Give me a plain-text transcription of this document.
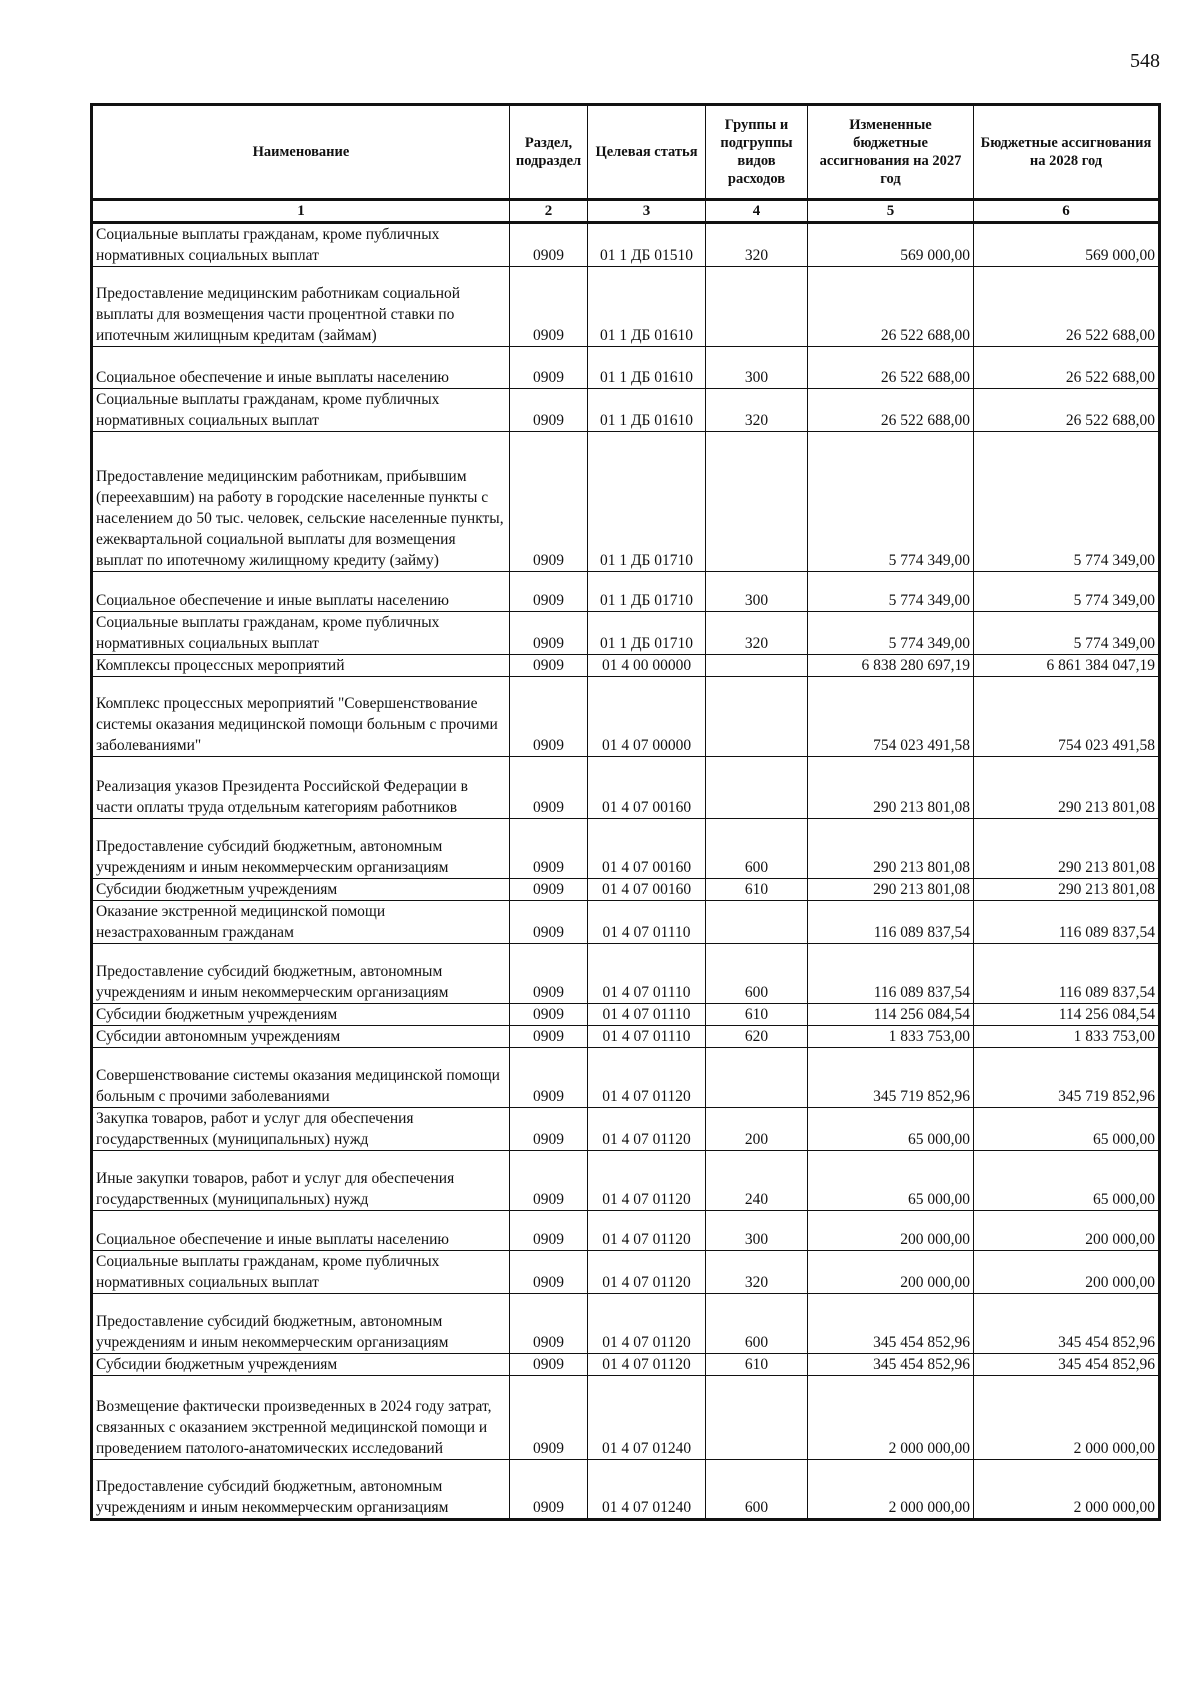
548
Наименование	Раздел, подраздел	Целевая статья	Группы и подгруппы видов расходов	Измененные бюджетные ассигнования на 2027 год	Бюджетные ассигнования на 2028 год
1	2	3	4	5	6
Социальные выплаты гражданам, кроме публичных нормативных социальных выплат	0909	01 1 ДБ 01510	320	569 000,00	569 000,00
Предоставление медицинским работникам социальной выплаты для возмещения части процентной ставки по ипотечным жилищным кредитам (займам)	0909	01 1 ДБ 01610		26 522 688,00	26 522 688,00
Социальное обеспечение и иные выплаты населению	0909	01 1 ДБ 01610	300	26 522 688,00	26 522 688,00
Социальные выплаты гражданам, кроме публичных нормативных социальных выплат	0909	01 1 ДБ 01610	320	26 522 688,00	26 522 688,00
Предоставление медицинским работникам, прибывшим (переехавшим) на работу в городские населенные пункты с населением до 50 тыс. человек, сельские населенные пункты, ежеквартальной социальной выплаты для возмещения выплат по ипотечному жилищному кредиту (займу)	0909	01 1 ДБ 01710		5 774 349,00	5 774 349,00
Социальное обеспечение и иные выплаты населению	0909	01 1 ДБ 01710	300	5 774 349,00	5 774 349,00
Социальные выплаты гражданам, кроме публичных нормативных социальных выплат	0909	01 1 ДБ 01710	320	5 774 349,00	5 774 349,00
Комплексы процессных мероприятий	0909	01 4 00 00000		6 838 280 697,19	6 861 384 047,19
Комплекс процессных мероприятий "Совершенствование системы оказания медицинской помощи больным с прочими заболеваниями"	0909	01 4 07 00000		754 023 491,58	754 023 491,58
Реализация указов Президента Российской Федерации в части оплаты труда отдельным категориям работников	0909	01 4 07 00160		290 213 801,08	290 213 801,08
Предоставление субсидий бюджетным, автономным учреждениям и иным некоммерческим организациям	0909	01 4 07 00160	600	290 213 801,08	290 213 801,08
Субсидии бюджетным учреждениям	0909	01 4 07 00160	610	290 213 801,08	290 213 801,08
Оказание экстренной медицинской помощи незастрахованным гражданам	0909	01 4 07 01110		116 089 837,54	116 089 837,54
Предоставление субсидий бюджетным, автономным учреждениям и иным некоммерческим организациям	0909	01 4 07 01110	600	116 089 837,54	116 089 837,54
Субсидии бюджетным учреждениям	0909	01 4 07 01110	610	114 256 084,54	114 256 084,54
Субсидии автономным учреждениям	0909	01 4 07 01110	620	1 833 753,00	1 833 753,00
Совершенствование системы оказания медицинской помощи больным с прочими заболеваниями	0909	01 4 07 01120		345 719 852,96	345 719 852,96
Закупка товаров, работ и услуг для обеспечения государственных (муниципальных) нужд	0909	01 4 07 01120	200	65 000,00	65 000,00
Иные закупки товаров, работ и услуг для обеспечения государственных (муниципальных) нужд	0909	01 4 07 01120	240	65 000,00	65 000,00
Социальное обеспечение и иные выплаты населению	0909	01 4 07 01120	300	200 000,00	200 000,00
Социальные выплаты гражданам, кроме публичных нормативных социальных выплат	0909	01 4 07 01120	320	200 000,00	200 000,00
Предоставление субсидий бюджетным, автономным учреждениям и иным некоммерческим организациям	0909	01 4 07 01120	600	345 454 852,96	345 454 852,96
Субсидии бюджетным учреждениям	0909	01 4 07 01120	610	345 454 852,96	345 454 852,96
Возмещение фактически произведенных в 2024 году затрат, связанных с оказанием экстренной медицинской помощи и проведением патолого-анатомических исследований	0909	01 4 07 01240		2 000 000,00	2 000 000,00
Предоставление субсидий бюджетным, автономным учреждениям и иным некоммерческим организациям	0909	01 4 07 01240	600	2 000 000,00	2 000 000,00
